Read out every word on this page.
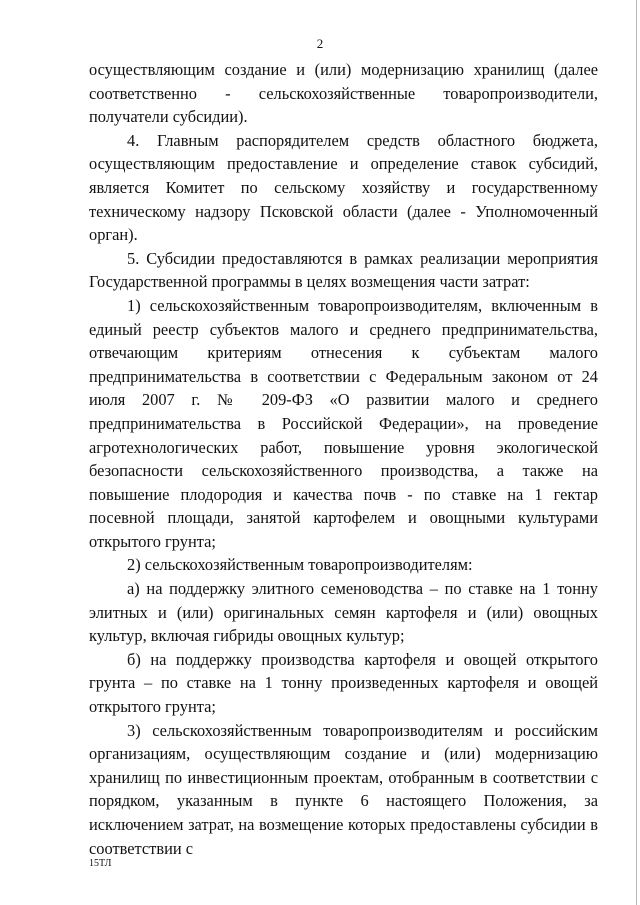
2

осуществляющим создание и (или) модернизацию хранилищ (далее соответственно - сельскохозяйственные товаропроизводители, получатели субсидии).

4. Главным распорядителем средств областного бюджета, осуществляющим предоставление и определение ставок субсидий, является Комитет по сельскому хозяйству и государственному техническому надзору Псковской области (далее - Уполномоченный орган).

5. Субсидии предоставляются в рамках реализации мероприятия Государственной программы в целях возмещения части затрат:

1) сельскохозяйственным товаропроизводителям, включенным в единый реестр субъектов малого и среднего предпринимательства, отвечающим критериям отнесения к субъектам малого предпринимательства в соответствии с Федеральным законом от 24 июля 2007 г. № 209-ФЗ «О развитии малого и среднего предпринимательства в Российской Федерации», на проведение агротехнологических работ, повышение уровня экологической безопасности сельскохозяйственного производства, а также на повышение плодородия и качества почв - по ставке на 1 гектар посевной площади, занятой картофелем и овощными культурами открытого грунта;

2) сельскохозяйственным товаропроизводителям:

а) на поддержку элитного семеноводства – по ставке на 1 тонну элитных и (или) оригинальных семян картофеля и (или) овощных культур, включая гибриды овощных культур;

б) на поддержку производства картофеля и овощей открытого грунта – по ставке на 1 тонну произведенных картофеля и овощей открытого грунта;

3) сельскохозяйственным товаропроизводителям и российским организациям, осуществляющим создание и (или) модернизацию хранилищ по инвестиционным проектам, отобранным в соответствии с порядком, указанным в пункте 6 настоящего Положения, за исключением затрат, на возмещение которых предоставлены субсидии в соответствии с

15ТЛ
